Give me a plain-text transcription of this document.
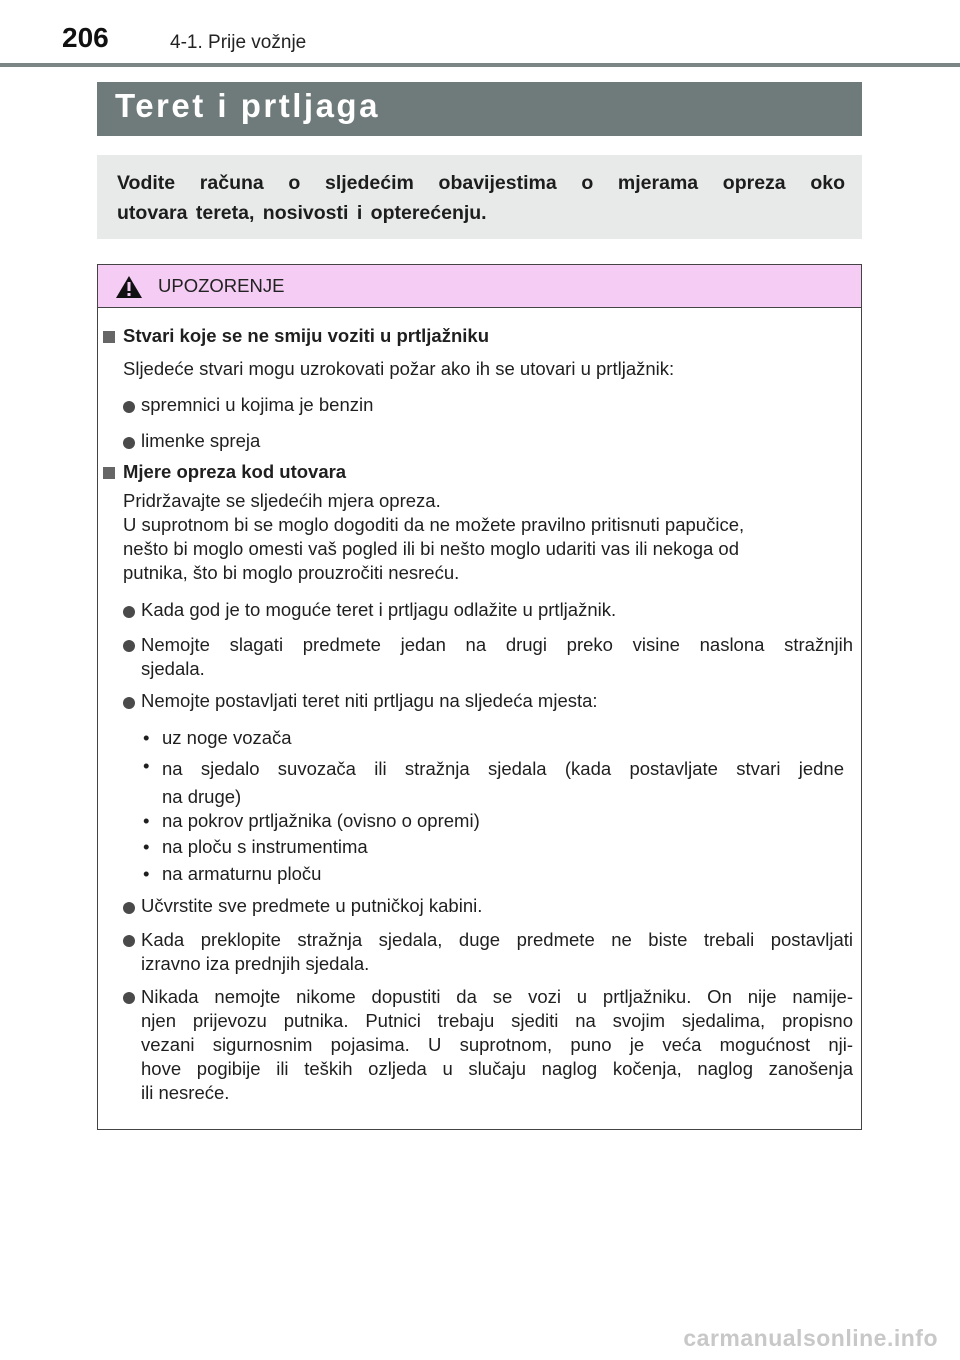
206	4-1. Prije vožnje
Teret i prtljaga
Vodite računa o sljedećim obavijestima o mjerama opreza oko
utovara tereta, nosivosti i opterećenju.
UPOZORENJE
Stvari koje se ne smiju voziti u prtljažniku
Sljedeće stvari mogu uzrokovati požar ako ih se utovari u prtljažnik:
spremnici u kojima je benzin
limenke spreja
Mjere opreza kod utovara
Pridržavajte se sljedećih mjera opreza.
U suprotnom bi se moglo dogoditi da ne možete pravilno pritisnuti papučice,
nešto bi moglo omesti vaš pogled ili bi nešto moglo udariti vas ili nekoga od
putnika, što bi moglo prouzročiti nesreću.
Kada god je to moguće teret i prtljagu odlažite u prtljažnik.
Nemojte slagati predmete jedan na drugi preko visine naslona stražnjih
sjedala.
Nemojte postavljati teret niti prtljagu na sljedeća mjesta:
• uz noge vozača
• na sjedalo suvozača ili stražnja sjedala (kada postavljate stvari jedne
na druge)
• na pokrov prtljažnika (ovisno o opremi)
• na ploču s instrumentima
• na armaturnu ploču
Učvrstite sve predmete u putničkoj kabini.
Kada preklopite stražnja sjedala, duge predmete ne biste trebali postavljati
izravno iza prednjih sjedala.
Nikada nemojte nikome dopustiti da se vozi u prtljažniku. On nije namije-
njen prijevozu putnika. Putnici trebaju sjediti na svojim sjedalima, propisno
vezani sigurnosnim pojasima. U suprotnom, puno je veća mogućnost nji-
hove pogibije ili teških ozljeda u slučaju naglog kočenja, naglog zanošenja
ili nesreće.
carmanualsonline.info
